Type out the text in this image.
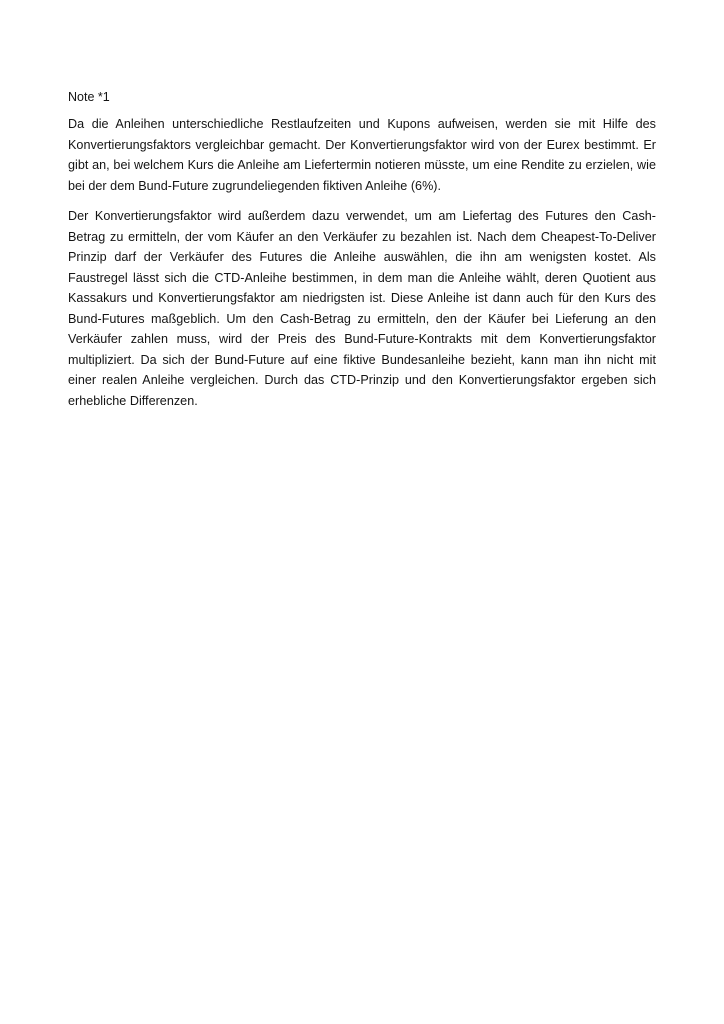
Note *1

Da die Anleihen unterschiedliche Restlaufzeiten und Kupons aufweisen, werden sie mit Hilfe des Konvertierungsfaktors vergleichbar gemacht. Der Konvertierungsfaktor wird von der Eurex bestimmt. Er gibt an, bei welchem Kurs die Anleihe am Liefertermin notieren müsste, um eine Rendite zu erzielen, wie bei der dem Bund-Future zugrundeliegenden fiktiven Anleihe (6%).

Der Konvertierungsfaktor wird außerdem dazu verwendet, um am Liefertag des Futures den Cash-Betrag zu ermitteln, der vom Käufer an den Verkäufer zu bezahlen ist. Nach dem Cheapest-To-Deliver Prinzip darf der Verkäufer des Futures die Anleihe auswählen, die ihn am wenigsten kostet. Als Faustregel lässt sich die CTD-Anleihe bestimmen, in dem man die Anleihe wählt, deren Quotient aus Kassakurs und Konvertierungsfaktor am niedrigsten ist. Diese Anleihe ist dann auch für den Kurs des Bund-Futures maßgeblich. Um den Cash-Betrag zu ermitteln, den der Käufer bei Lieferung an den Verkäufer zahlen muss, wird der Preis des Bund-Future-Kontrakts mit dem Konvertierungsfaktor multipliziert. Da sich der Bund-Future auf eine fiktive Bundesanleihe bezieht, kann man ihn nicht mit einer realen Anleihe vergleichen. Durch das CTD-Prinzip und den Konvertierungsfaktor ergeben sich erhebliche Differenzen.
